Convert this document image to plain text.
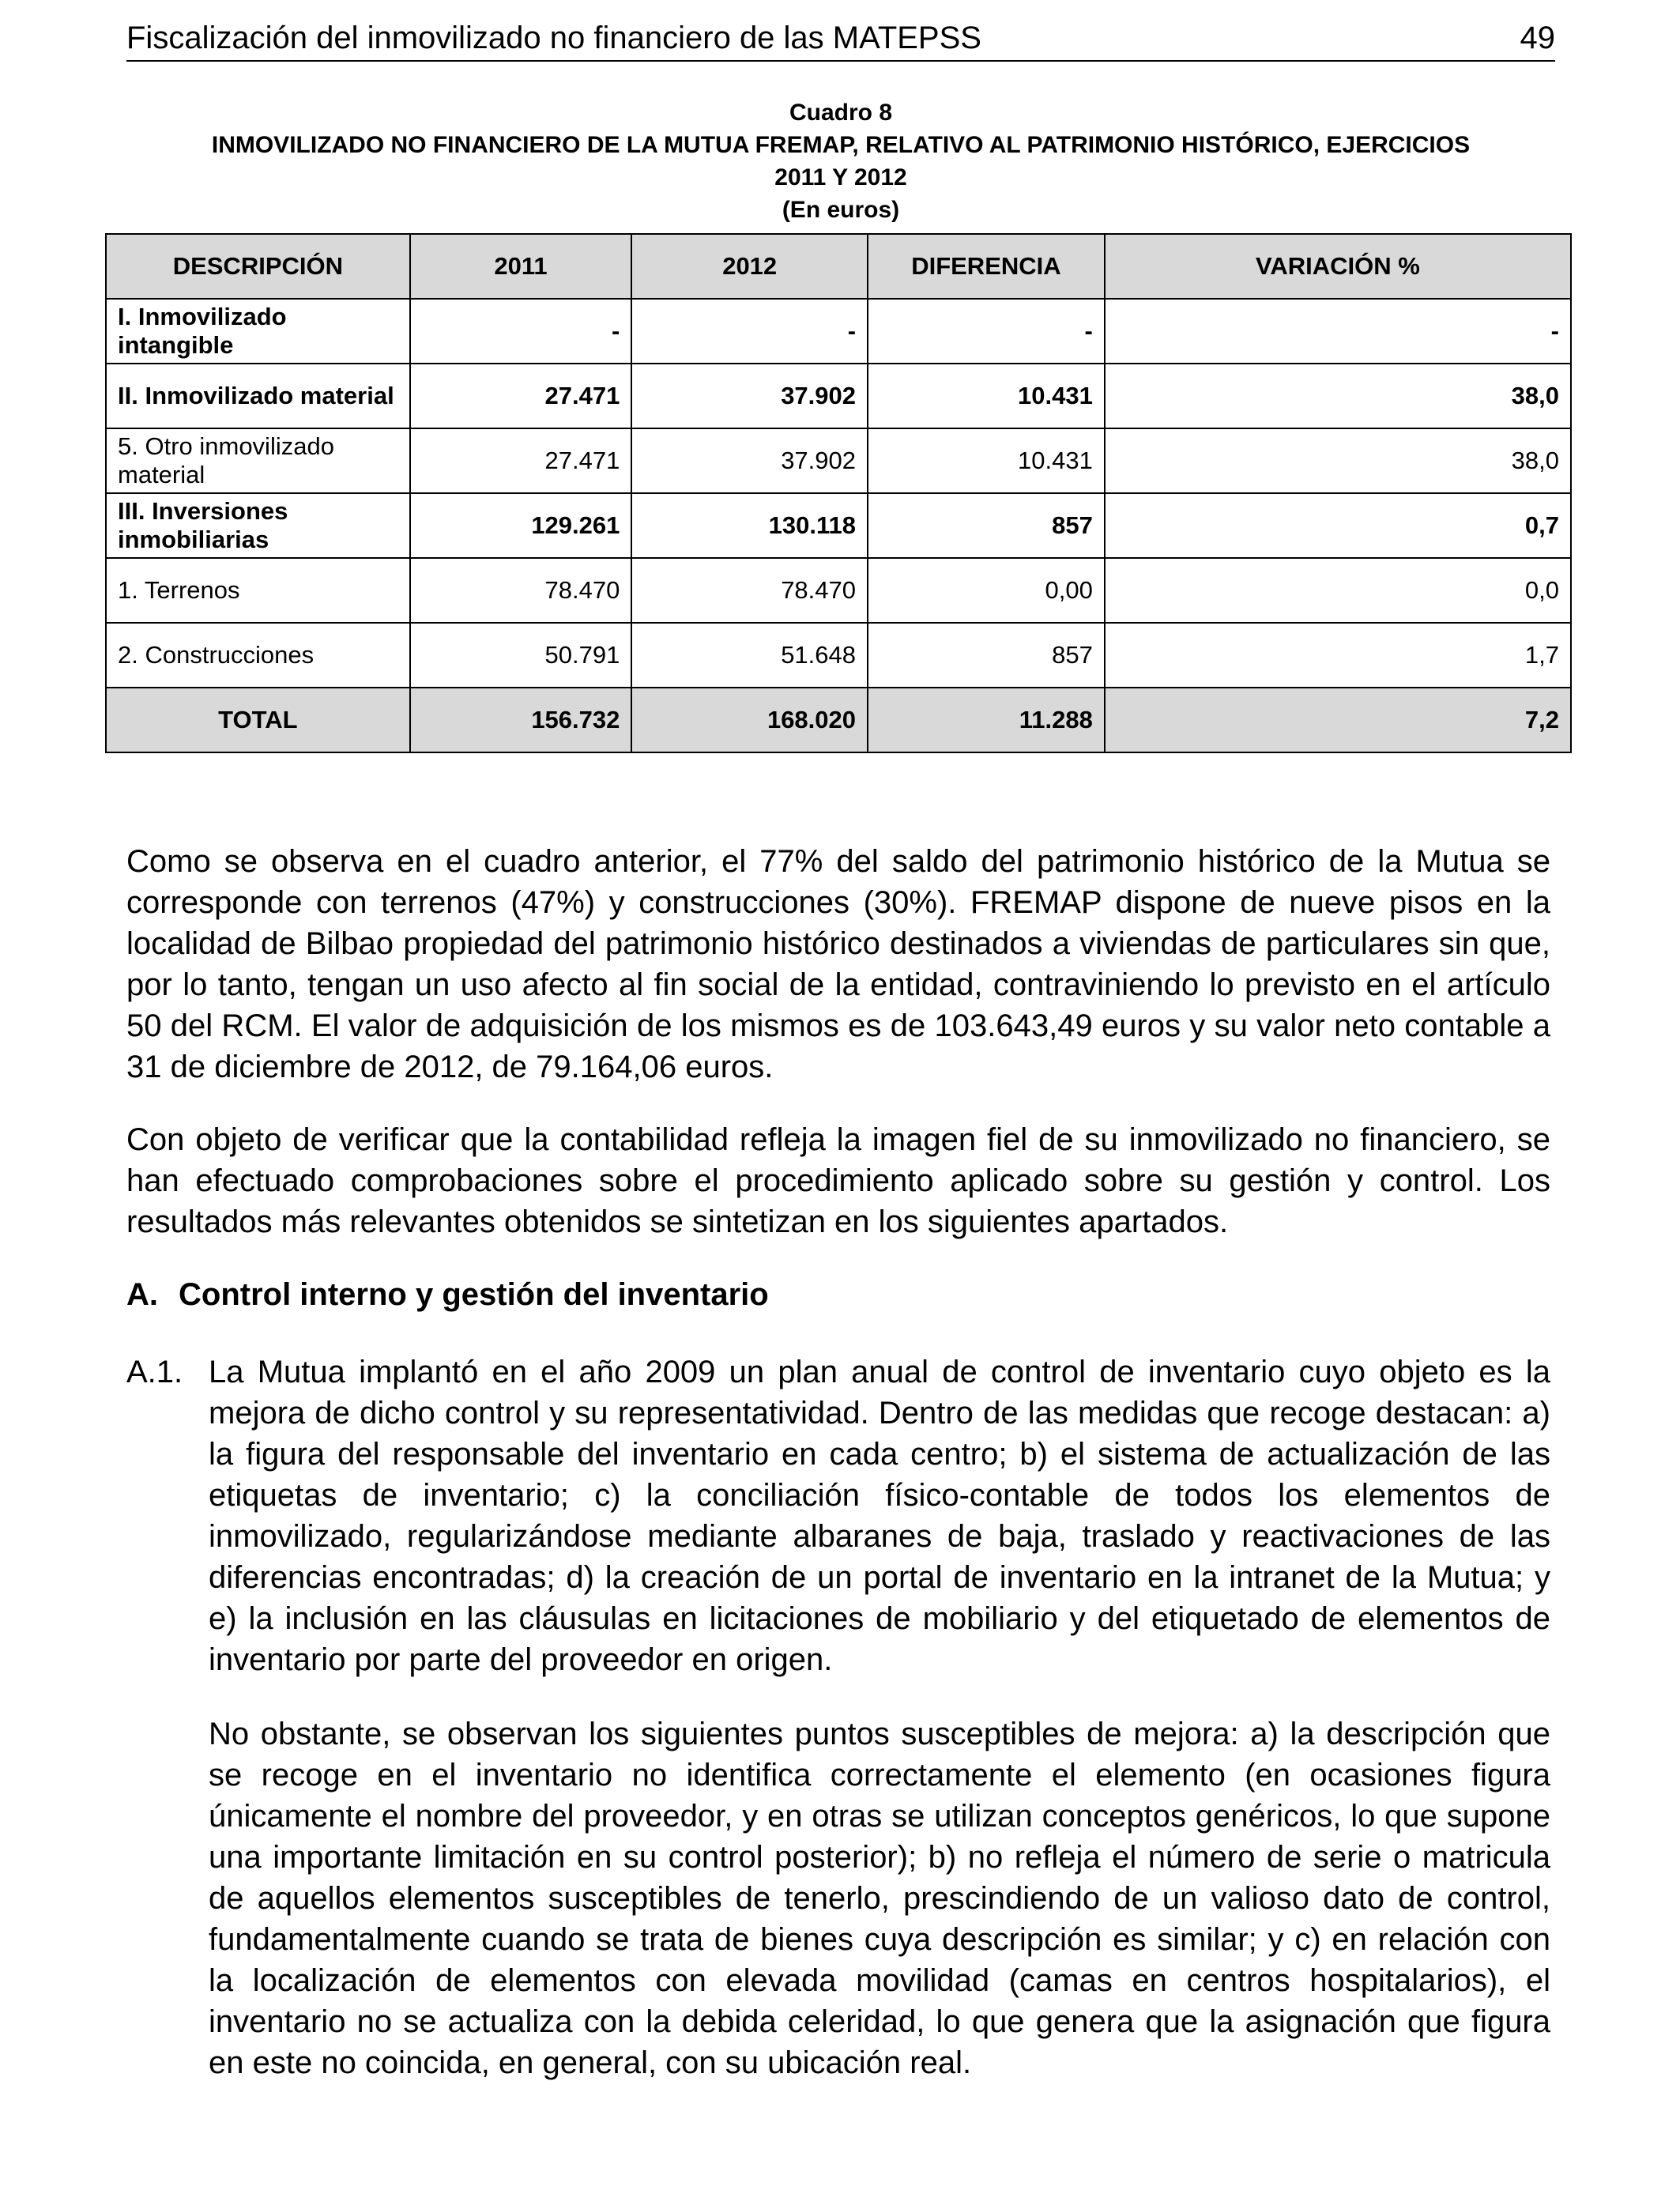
Fiscalización del inmovilizado no financiero de las MATEPSS	49
Cuadro 8
INMOVILIZADO NO FINANCIERO DE LA MUTUA FREMAP, RELATIVO AL PATRIMONIO HISTÓRICO, EJERCICIOS
2011 Y 2012
(En euros)
DESCRIPCIÓN	2011	2012	DIFERENCIA	VARIACIÓN %
I. Inmovilizado intangible	-	-	-	-
II. Inmovilizado material	27.471	37.902	10.431	38,0
5. Otro inmovilizado material	27.471	37.902	10.431	38,0
III. Inversiones inmobiliarias	129.261	130.118	857	0,7
1. Terrenos	78.470	78.470	0,00	0,0
2. Construcciones	50.791	51.648	857	1,7
TOTAL	156.732	168.020	11.288	7,2
Como se observa en el cuadro anterior, el 77% del saldo del patrimonio histórico de la Mutua se corresponde con terrenos (47%) y construcciones (30%). FREMAP dispone de nueve pisos en la localidad de Bilbao propiedad del patrimonio histórico destinados a viviendas de particulares sin que, por lo tanto, tengan un uso afecto al fin social de la entidad, contraviniendo lo previsto en el artículo 50 del RCM. El valor de adquisición de los mismos es de 103.643,49 euros y su valor neto contable a 31 de diciembre de 2012, de 79.164,06 euros.
Con objeto de verificar que la contabilidad refleja la imagen fiel de su inmovilizado no financiero, se han efectuado comprobaciones sobre el procedimiento aplicado sobre su gestión y control. Los resultados más relevantes obtenidos se sintetizan en los siguientes apartados.
A. Control interno y gestión del inventario
A.1. La Mutua implantó en el año 2009 un plan anual de control de inventario cuyo objeto es la mejora de dicho control y su representatividad. Dentro de las medidas que recoge destacan: a) la figura del responsable del inventario en cada centro; b) el sistema de actualización de las etiquetas de inventario; c) la conciliación físico-contable de todos los elementos de inmovilizado, regularizándose mediante albaranes de baja, traslado y reactivaciones de las diferencias encontradas; d) la creación de un portal de inventario en la intranet de la Mutua; y e) la inclusión en las cláusulas en licitaciones de mobiliario y del etiquetado de elementos de inventario por parte del proveedor en origen.
No obstante, se observan los siguientes puntos susceptibles de mejora: a) la descripción que se recoge en el inventario no identifica correctamente el elemento (en ocasiones figura únicamente el nombre del proveedor, y en otras se utilizan conceptos genéricos, lo que supone una importante limitación en su control posterior); b) no refleja el número de serie o matricula de aquellos elementos susceptibles de tenerlo, prescindiendo de un valioso dato de control, fundamentalmente cuando se trata de bienes cuya descripción es similar; y c) en relación con la localización de elementos con elevada movilidad (camas en centros hospitalarios), el inventario no se actualiza con la debida celeridad, lo que genera que la asignación que figura en este no coincida, en general, con su ubicación real.
